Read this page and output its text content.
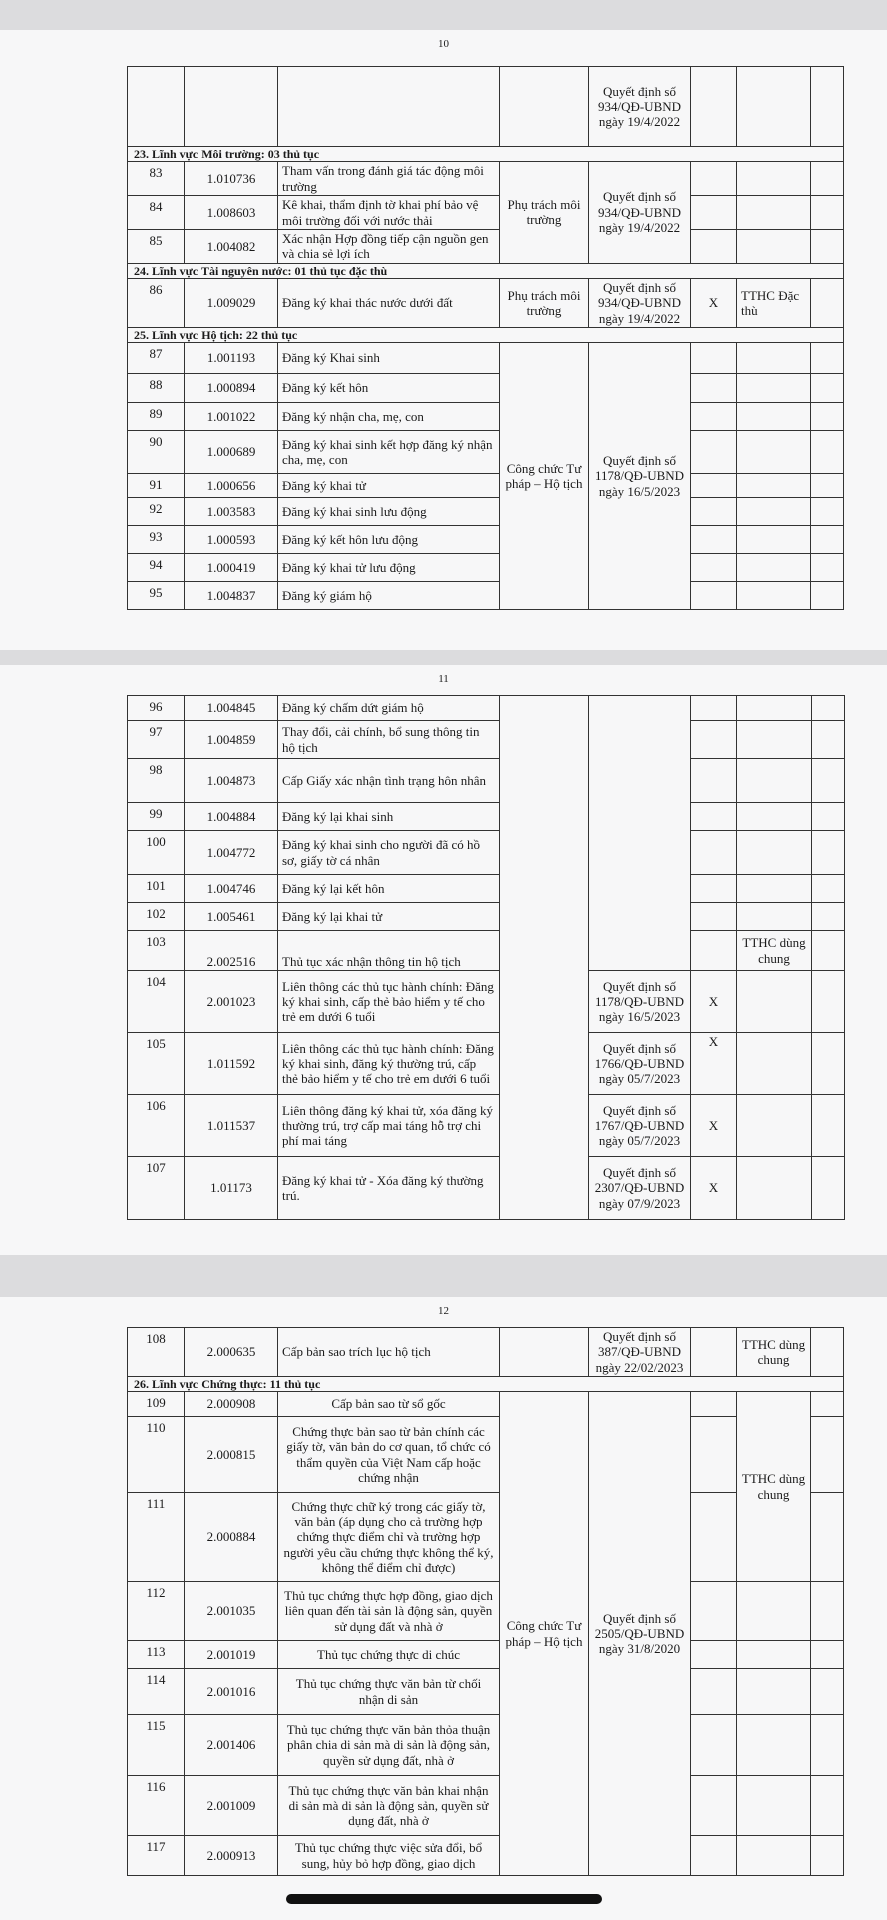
10
				Quyết định số 934/QĐ-UBND ngày 19/4/2022			
23. Lĩnh vực Môi trường: 03 thủ tục							
83	1.010736	Tham vấn trong đánh giá tác động môi trường	Phụ trách môi trường	Quyết định số 934/QĐ-UBND ngày 19/4/2022			
84	1.008603	Kê khai, thẩm định tờ khai phí bảo vệ môi trường đối với nước thải					
85	1.004082	Xác nhận Hợp đồng tiếp cận nguồn gen và chia sẻ lợi ích					
24. Lĩnh vực Tài nguyên nước: 01 thủ tục đặc thù							
86	1.009029	Đăng ký khai thác nước dưới đất	Phụ trách môi trường	Quyết định số 934/QĐ-UBND ngày 19/4/2022	X	TTHC Đặc thù	
25. Lĩnh vực Hộ tịch: 22 thủ tục							
87	1.001193	Đăng ký Khai sinh	Công chức Tư pháp – Hộ tịch	Quyết định số 1178/QĐ-UBND ngày 16/5/2023			
88	1.000894	Đăng ký kết hôn					
89	1.001022	Đăng ký nhận cha, mẹ, con					
90	1.000689	Đăng ký khai sinh kết hợp đăng ký nhận cha, mẹ, con					
91	1.000656	Đăng ký khai tử					
92	1.003583	Đăng ký khai sinh lưu động					
93	1.000593	Đăng ký kết hôn lưu động					
94	1.000419	Đăng ký khai tử lưu động					
95	1.004837	Đăng ký giám hộ					
11
96	1.004845	Đăng ký chấm dứt giám hộ					
97	1.004859	Thay đổi, cải chính, bổ sung thông tin hộ tịch					
98	1.004873	Cấp Giấy xác nhận tình trạng hôn nhân					
99	1.004884	Đăng ký lại khai sinh					
100	1.004772	Đăng ký khai sinh cho người đã có hồ sơ, giấy tờ cá nhân					
101	1.004746	Đăng ký lại kết hôn					
102	1.005461	Đăng ký lại khai tử					
103	2.002516	Thủ tục xác nhận thông tin hộ tịch				TTHC dùng chung	
104	2.001023	Liên thông các thủ tục hành chính: Đăng ký khai sinh, cấp thẻ bảo hiểm y tế cho trẻ em dưới 6 tuổi		Quyết định số 1178/QĐ-UBND ngày 16/5/2023	X		
105	1.011592	Liên thông các thủ tục hành chính: Đăng ký khai sinh, đăng ký thường trú, cấp thẻ bảo hiểm y tế cho trẻ em dưới 6 tuổi		Quyết định số 1766/QĐ-UBND ngày 05/7/2023	X		
106	1.011537	Liên thông đăng ký khai tử, xóa đăng ký thường trú, trợ cấp mai táng hỗ trợ chi phí mai táng		Quyết định số 1767/QĐ-UBND ngày 05/7/2023	X		
107	1.01173	Đăng ký khai tử - Xóa đăng ký thường trú.		Quyết định số 2307/QĐ-UBND ngày 07/9/2023	X		
12
108	2.000635	Cấp bản sao trích lục hộ tịch		Quyết định số 387/QĐ-UBND ngày 22/02/2023		TTHC dùng chung	
26. Lĩnh vực Chứng thực: 11 thủ tục							
109	2.000908	Cấp bản sao từ sổ gốc	Công chức Tư pháp – Hộ tịch	Quyết định số 2505/QĐ-UBND ngày 31/8/2020		TTHC dùng chung	
110	2.000815	Chứng thực bản sao từ bản chính các giấy tờ, văn bản do cơ quan, tổ chức có thẩm quyền của Việt Nam cấp hoặc chứng nhận					
111	2.000884	Chứng thực chữ ký trong các giấy tờ, văn bản (áp dụng cho cả trường hợp chứng thực điểm chỉ và trường hợp người yêu cầu chứng thực không thể ký, không thể điểm chỉ được)					
112	2.001035	Thủ tục chứng thực hợp đồng, giao dịch liên quan đến tài sản là động sản, quyền sử dụng đất và nhà ở					
113	2.001019	Thủ tục chứng thực di chúc					
114	2.001016	Thủ tục chứng thực văn bản từ chối nhận di sản					
115	2.001406	Thủ tục chứng thực văn bản thỏa thuận phân chia di sản mà di sản là động sản, quyền sử dụng đất, nhà ở					
116	2.001009	Thủ tục chứng thực văn bản khai nhận di sản mà di sản là động sản, quyền sử dụng đất, nhà ở					
117	2.000913	Thủ tục chứng thực việc sửa đổi, bổ sung, hủy bỏ hợp đồng, giao dịch					
